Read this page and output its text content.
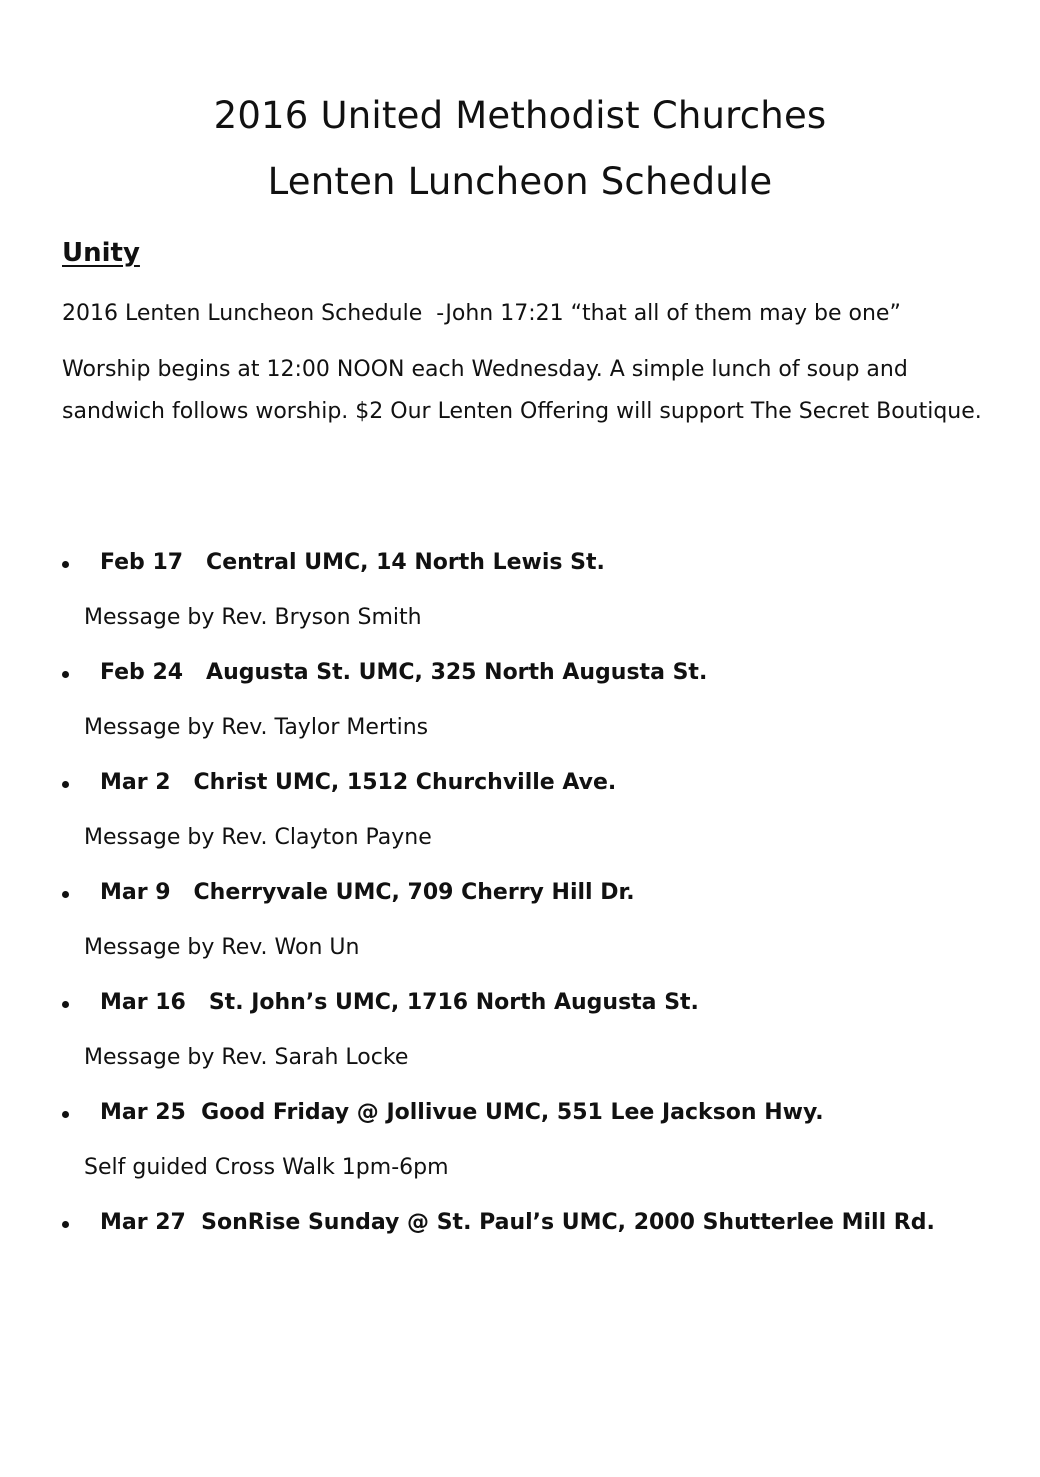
2016 United Methodist Churches
Lenten Luncheon Schedule
Unity
2016 Lenten Luncheon Schedule  -John 17:21 “that all of them may be one”
Worship begins at 12:00 NOON each Wednesday. A simple lunch of soup and sandwich follows worship. $2 Our Lenten Offering will support The Secret Boutique.
Feb 17   Central UMC, 14 North Lewis St.
Message by Rev. Bryson Smith
Feb 24   Augusta St. UMC, 325 North Augusta St.
Message by Rev. Taylor Mertins
Mar 2   Christ UMC, 1512 Churchville Ave.
Message by Rev. Clayton Payne
Mar 9   Cherryvale UMC, 709 Cherry Hill Dr.
Message by Rev. Won Un
Mar 16   St. John’s UMC, 1716 North Augusta St.
Message by Rev. Sarah Locke
Mar 25  Good Friday @ Jollivue UMC, 551 Lee Jackson Hwy.
Self guided Cross Walk 1pm-6pm
Mar 27  SonRise Sunday @ St. Paul’s UMC, 2000 Shutterlee Mill Rd.
